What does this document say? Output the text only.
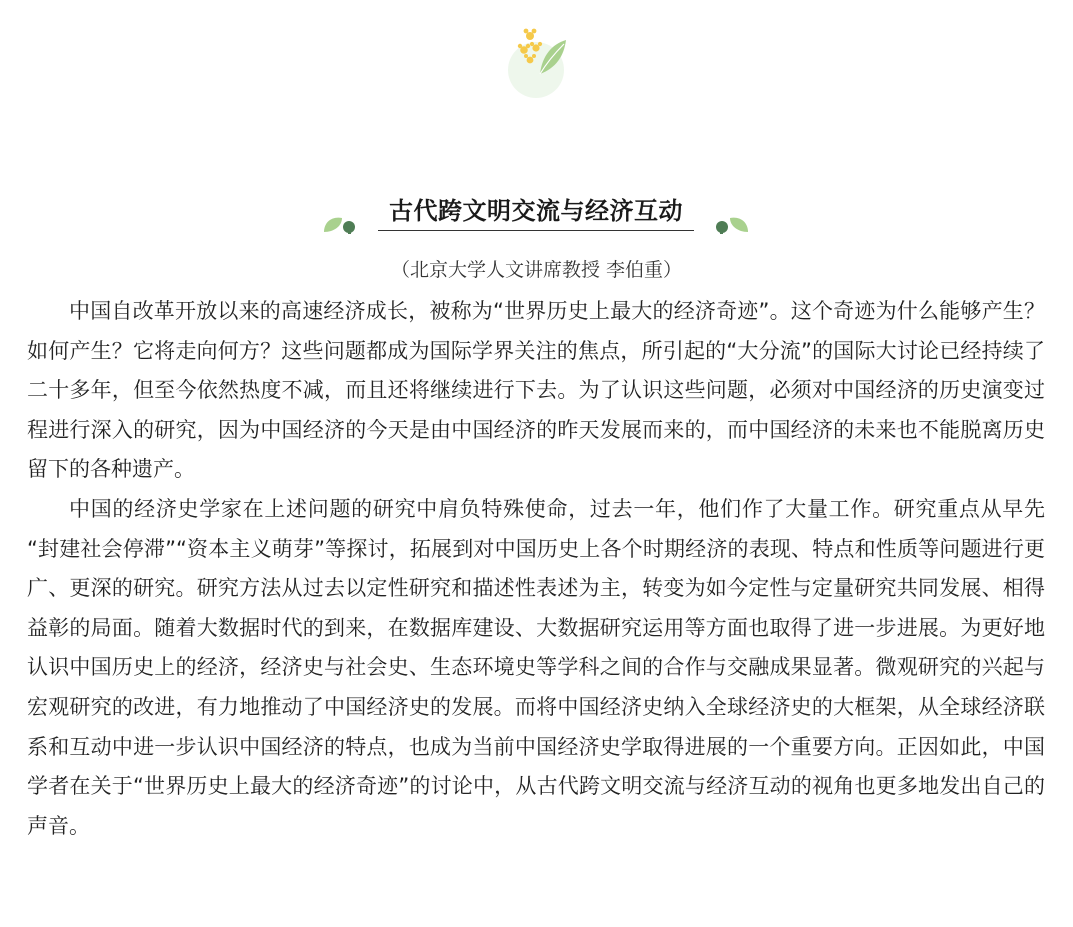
古代跨文明交流与经济互动
（北京大学人文讲席教授 李伯重）

中国自改革开放以来的高速经济成长，被称为“世界历史上最大的经济奇迹”。这个奇迹为什么能够产生？如何产生？它将走向何方？这些问题都成为国际学界关注的焦点，所引起的“大分流”的国际大讨论已经持续了二十多年，但至今依然热度不减，而且还将继续进行下去。为了认识这些问题，必须对中国经济的历史演变过程进行深入的研究，因为中国经济的今天是由中国经济的昨天发展而来的，而中国经济的未来也不能脱离历史留下的各种遗产。

中国的经济史学家在上述问题的研究中肩负特殊使命，过去一年，他们作了大量工作。研究重点从早先 “封建社会停滞”“资本主义萌芽”等探讨，拓展到对中国历史上各个时期经济的表现、特点和性质等问题进行更广、更深的研究。研究方法从过去以定性研究和描述性表述为主，转变为如今定性与定量研究共同发展、相得益彰的局面。随着大数据时代的到来，在数据库建设、大数据研究运用等方面也取得了进一步进展。为更好地认识中国历史上的经济，经济史与社会史、生态环境史等学科之间的合作与交融成果显著。微观研究的兴起与宏观研究的改进，有力地推动了中国经济史的发展。而将中国经济史纳入全球经济史的大框架，从全球经济联系和互动中进一步认识中国经济的特点，也成为当前中国经济史学取得进展的一个重要方向。正因如此，中国学者在关于“世界历史上最大的经济奇迹”的讨论中，从古代跨文明交流与经济互动的视角也更多地发出自己的声音。
